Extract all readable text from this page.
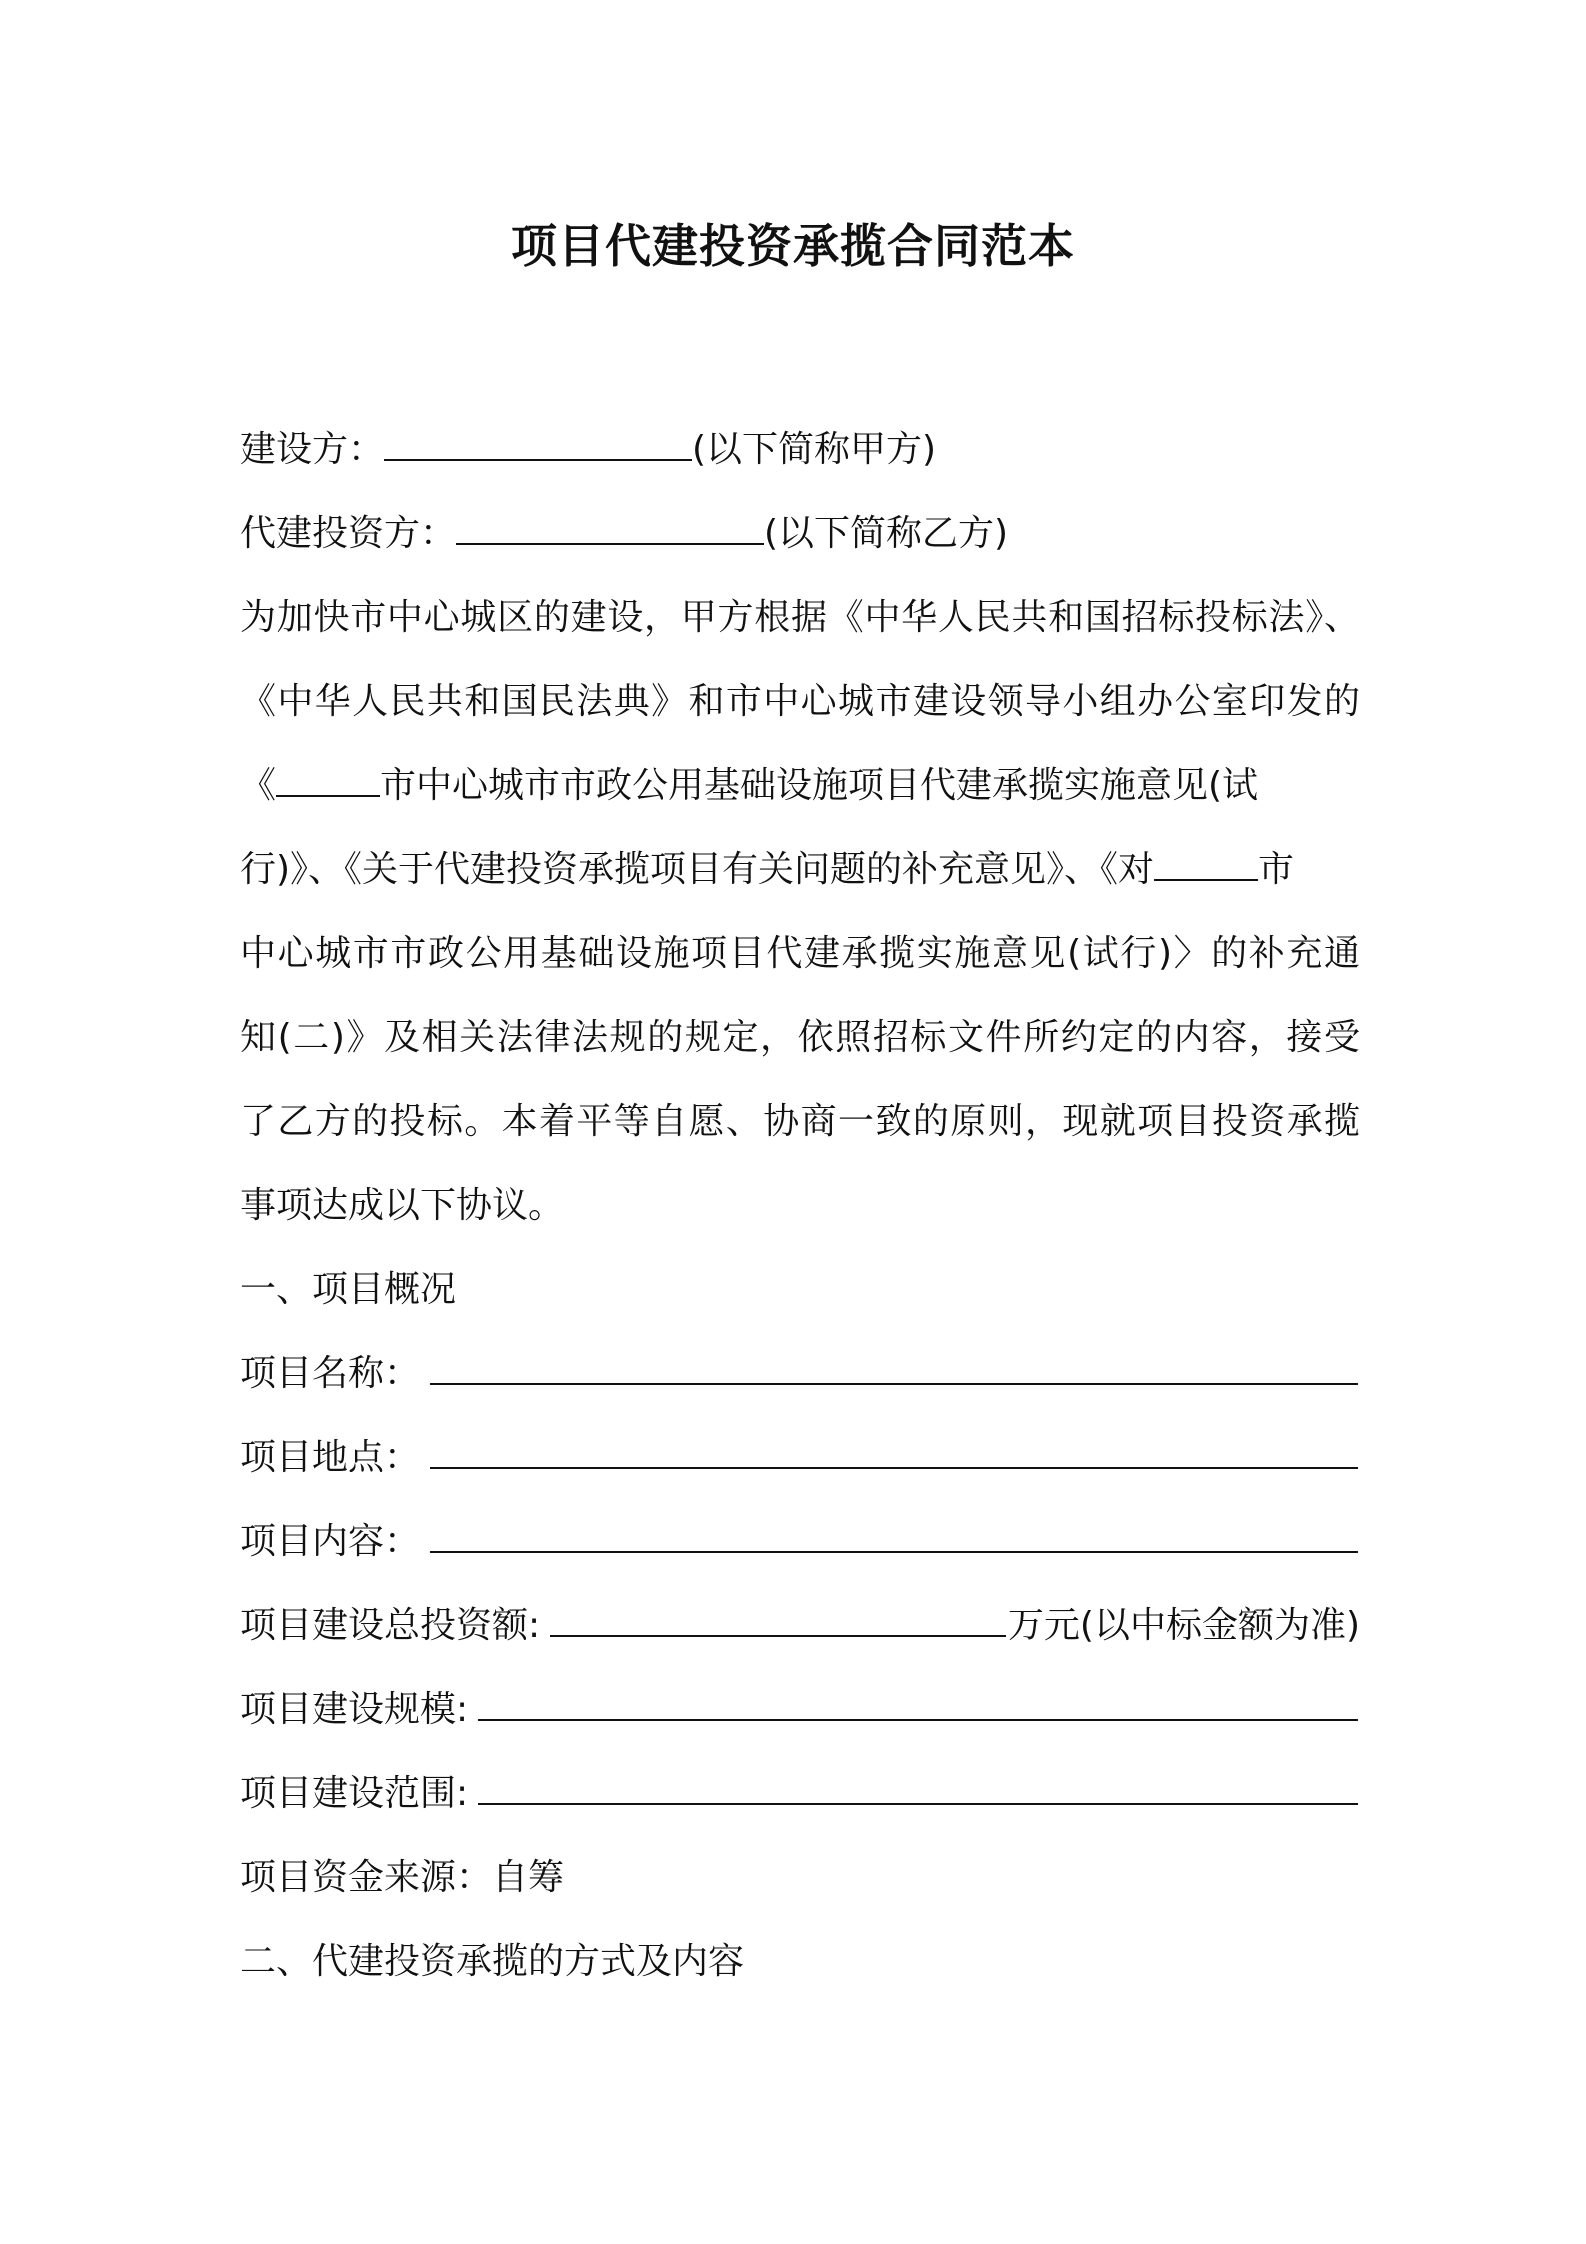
项目代建投资承揽合同范本
建设方：	(以下简称甲方)
代建投资方：	(以下简称乙方)
为加快市中心城区的建设，甲方根据《中华人民共和国招标投标法》、
《中华人民共和国民法典》和市中心城市建设领导小组办公室印发的
《	市中心城市市政公用基础设施项目代建承揽实施意见(试
行)》、《关于代建投资承揽项目有关问题的补充意见》、《对	市
中心城市市政公用基础设施项目代建承揽实施意见(试行)〉的补充通
知(二)》及相关法律法规的规定，依照招标文件所约定的内容，接受
了乙方的投标。本着平等自愿、协商一致的原则，现就项目投资承揽
事项达成以下协议。
一、项目概况
项目名称：
项目地点：
项目内容：
项目建设总投资额:	万元(以中标金额为准)
项目建设规模:
项目建设范围:
项目资金来源：自筹
二、代建投资承揽的方式及内容
